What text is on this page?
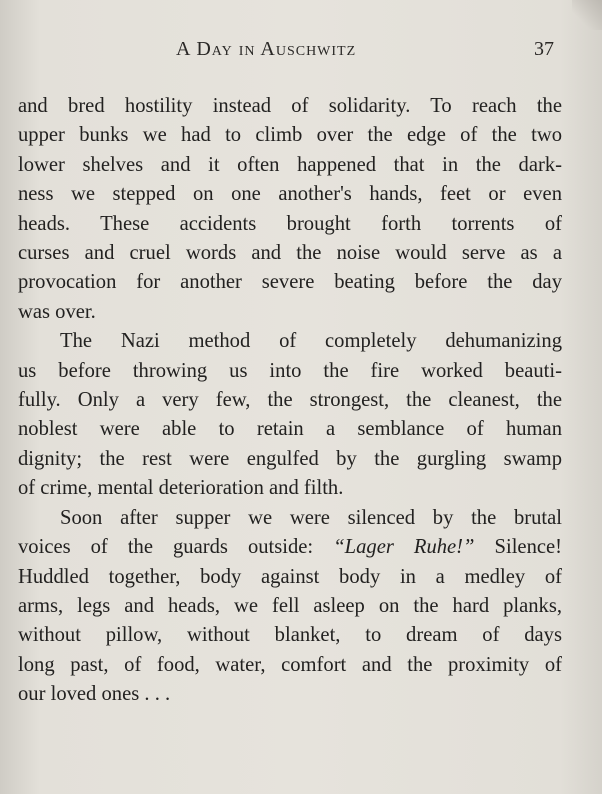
A Day in Auschwitz	37

and bred hostility instead of solidarity. To reach the
upper bunks we had to climb over the edge of the two
lower shelves and it often happened that in the dark-
ness we stepped on one another's hands, feet or even
heads. These accidents brought forth torrents of
curses and cruel words and the noise would serve as a
provocation for another severe beating before the day
was over.

The Nazi method of completely dehumanizing
us before throwing us into the fire worked beauti-
fully. Only a very few, the strongest, the cleanest, the
noblest were able to retain a semblance of human
dignity; the rest were engulfed by the gurgling swamp
of crime, mental deterioration and filth.

Soon after supper we were silenced by the brutal
voices of the guards outside: “Lager Ruhe!” Silence!
Huddled together, body against body in a medley of
arms, legs and heads, we fell asleep on the hard planks,
without pillow, without blanket, to dream of days
long past, of food, water, comfort and the proximity of
our loved ones . . .
